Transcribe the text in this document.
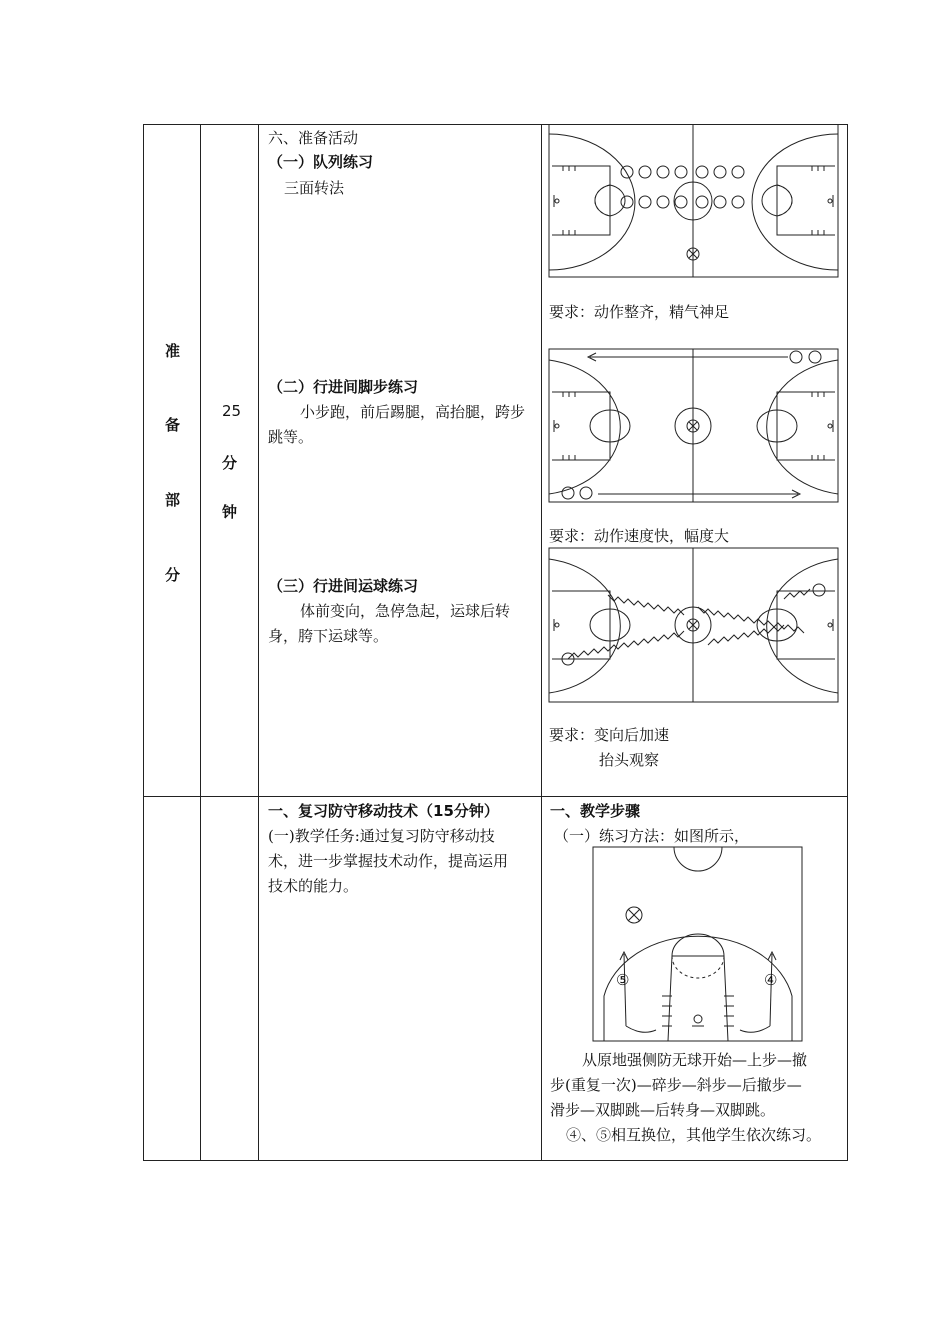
准
备
部
分
25
分
钟
六、准备活动
（一）队列练习
三面转法
（二）行进间脚步练习
小步跑，前后踢腿，高抬腿，跨步
跳等。
（三）行进间运球练习
体前变向，急停急起，运球后转
身，胯下运球等。
要求：动作整齐，精气神足
要求：动作速度快，幅度大
要求：变向后加速
抬头观察
一、复习防守移动技术（15分钟）
(一)教学任务:通过复习防守移动技
术，进一步掌握技术动作，提高运用
技术的能力。
一、教学步骤
（一）练习方法：如图所示，
⑤	④
从原地强侧防无球开始—上步—撤
步(重复一次)—碎步—斜步—后撤步—
滑步—双脚跳—后转身—双脚跳。
④、⑤相互换位，其他学生依次练习。
